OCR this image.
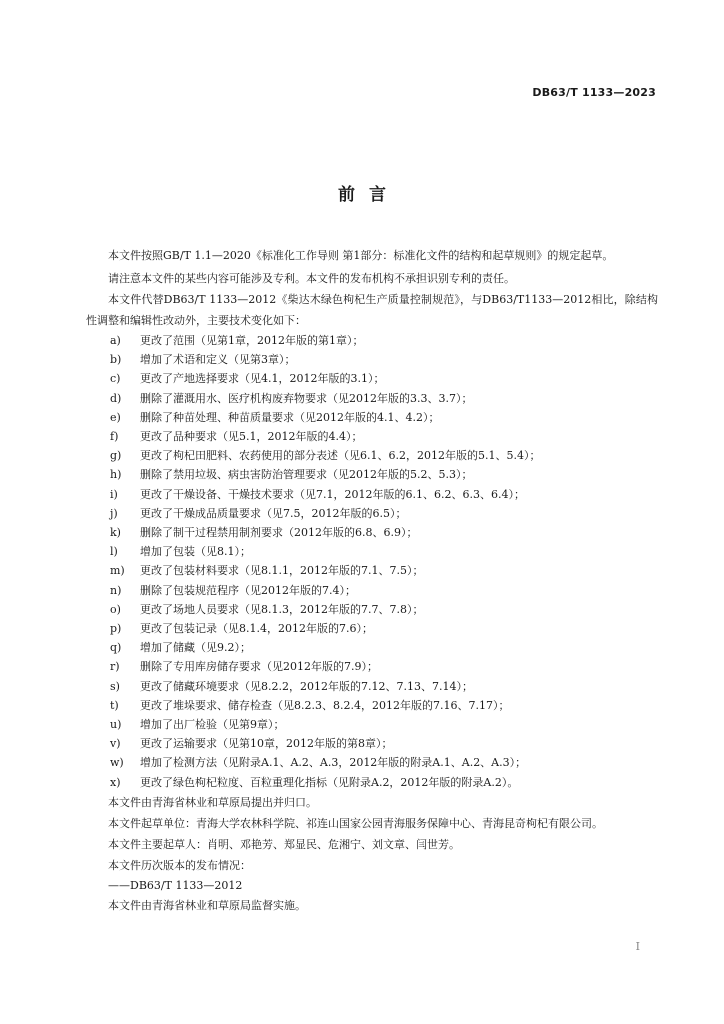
DB63/T 1133—2023
前言

本文件按照GB/T 1.1—2020《标准化工作导则 第1部分：标准化文件的结构和起草规则》的规定起草。

请注意本文件的某些内容可能涉及专利。本文件的发布机构不承担识别专利的责任。

本文件代替DB63/T 1133—2012《柴达木绿色枸杞生产质量控制规范》，与DB63/T1133—2012相比，除结构性调整和编辑性改动外，主要技术变化如下：

a)	更改了范围（见第1章，2012年版的第1章）；
b)	增加了术语和定义（见第3章）；
c)	更改了产地选择要求（见4.1，2012年版的3.1）；
d)	删除了灌溉用水、医疗机构废弃物要求（见2012年版的3.3、3.7）；
e)	删除了种苗处理、种苗质量要求（见2012年版的4.1、4.2）；
f)	更改了品种要求（见5.1，2012年版的4.4）；
g)	更改了枸杞田肥料、农药使用的部分表述（见6.1、6.2，2012年版的5.1、5.4）；
h)	删除了禁用垃圾、病虫害防治管理要求（见2012年版的5.2、5.3）；
i)	更改了干燥设备、干燥技术要求（见7.1，2012年版的6.1、6.2、6.3、6.4）；
j)	更改了干燥成品质量要求（见7.5，2012年版的6.5）；
k)	删除了制干过程禁用制剂要求（2012年版的6.8、6.9）；
l)	增加了包装（见8.1）；
m)	更改了包装材料要求（见8.1.1，2012年版的7.1、7.5）；
n)	删除了包装规范程序（见2012年版的7.4）；
o)	更改了场地人员要求（见8.1.3，2012年版的7.7、7.8）；
p)	更改了包装记录（见8.1.4，2012年版的7.6）；
q)	增加了储藏（见9.2）；
r)	删除了专用库房储存要求（见2012年版的7.9）；
s)	更改了储藏环境要求（见8.2.2，2012年版的7.12、7.13、7.14）；
t)	更改了堆垛要求、储存检查（见8.2.3、8.2.4，2012年版的7.16、7.17）；
u)	增加了出厂检验（见第9章）；
v)	更改了运输要求（见第10章，2012年版的第8章）；
w)	增加了检测方法（见附录A.1、A.2、A.3，2012年版的附录A.1、A.2、A.3）；
x)	更改了绿色枸杞粒度、百粒重理化指标（见附录A.2，2012年版的附录A.2）。

本文件由青海省林业和草原局提出并归口。

本文件起草单位：青海大学农林科学院、祁连山国家公园青海服务保障中心、青海昆奇枸杞有限公司。

本文件主要起草人：肖明、邓艳芳、郑显民、危湘宁、刘文章、闫世芳。

本文件历次版本的发布情况：

——DB63/T 1133—2012

本文件由青海省林业和草原局监督实施。

I
